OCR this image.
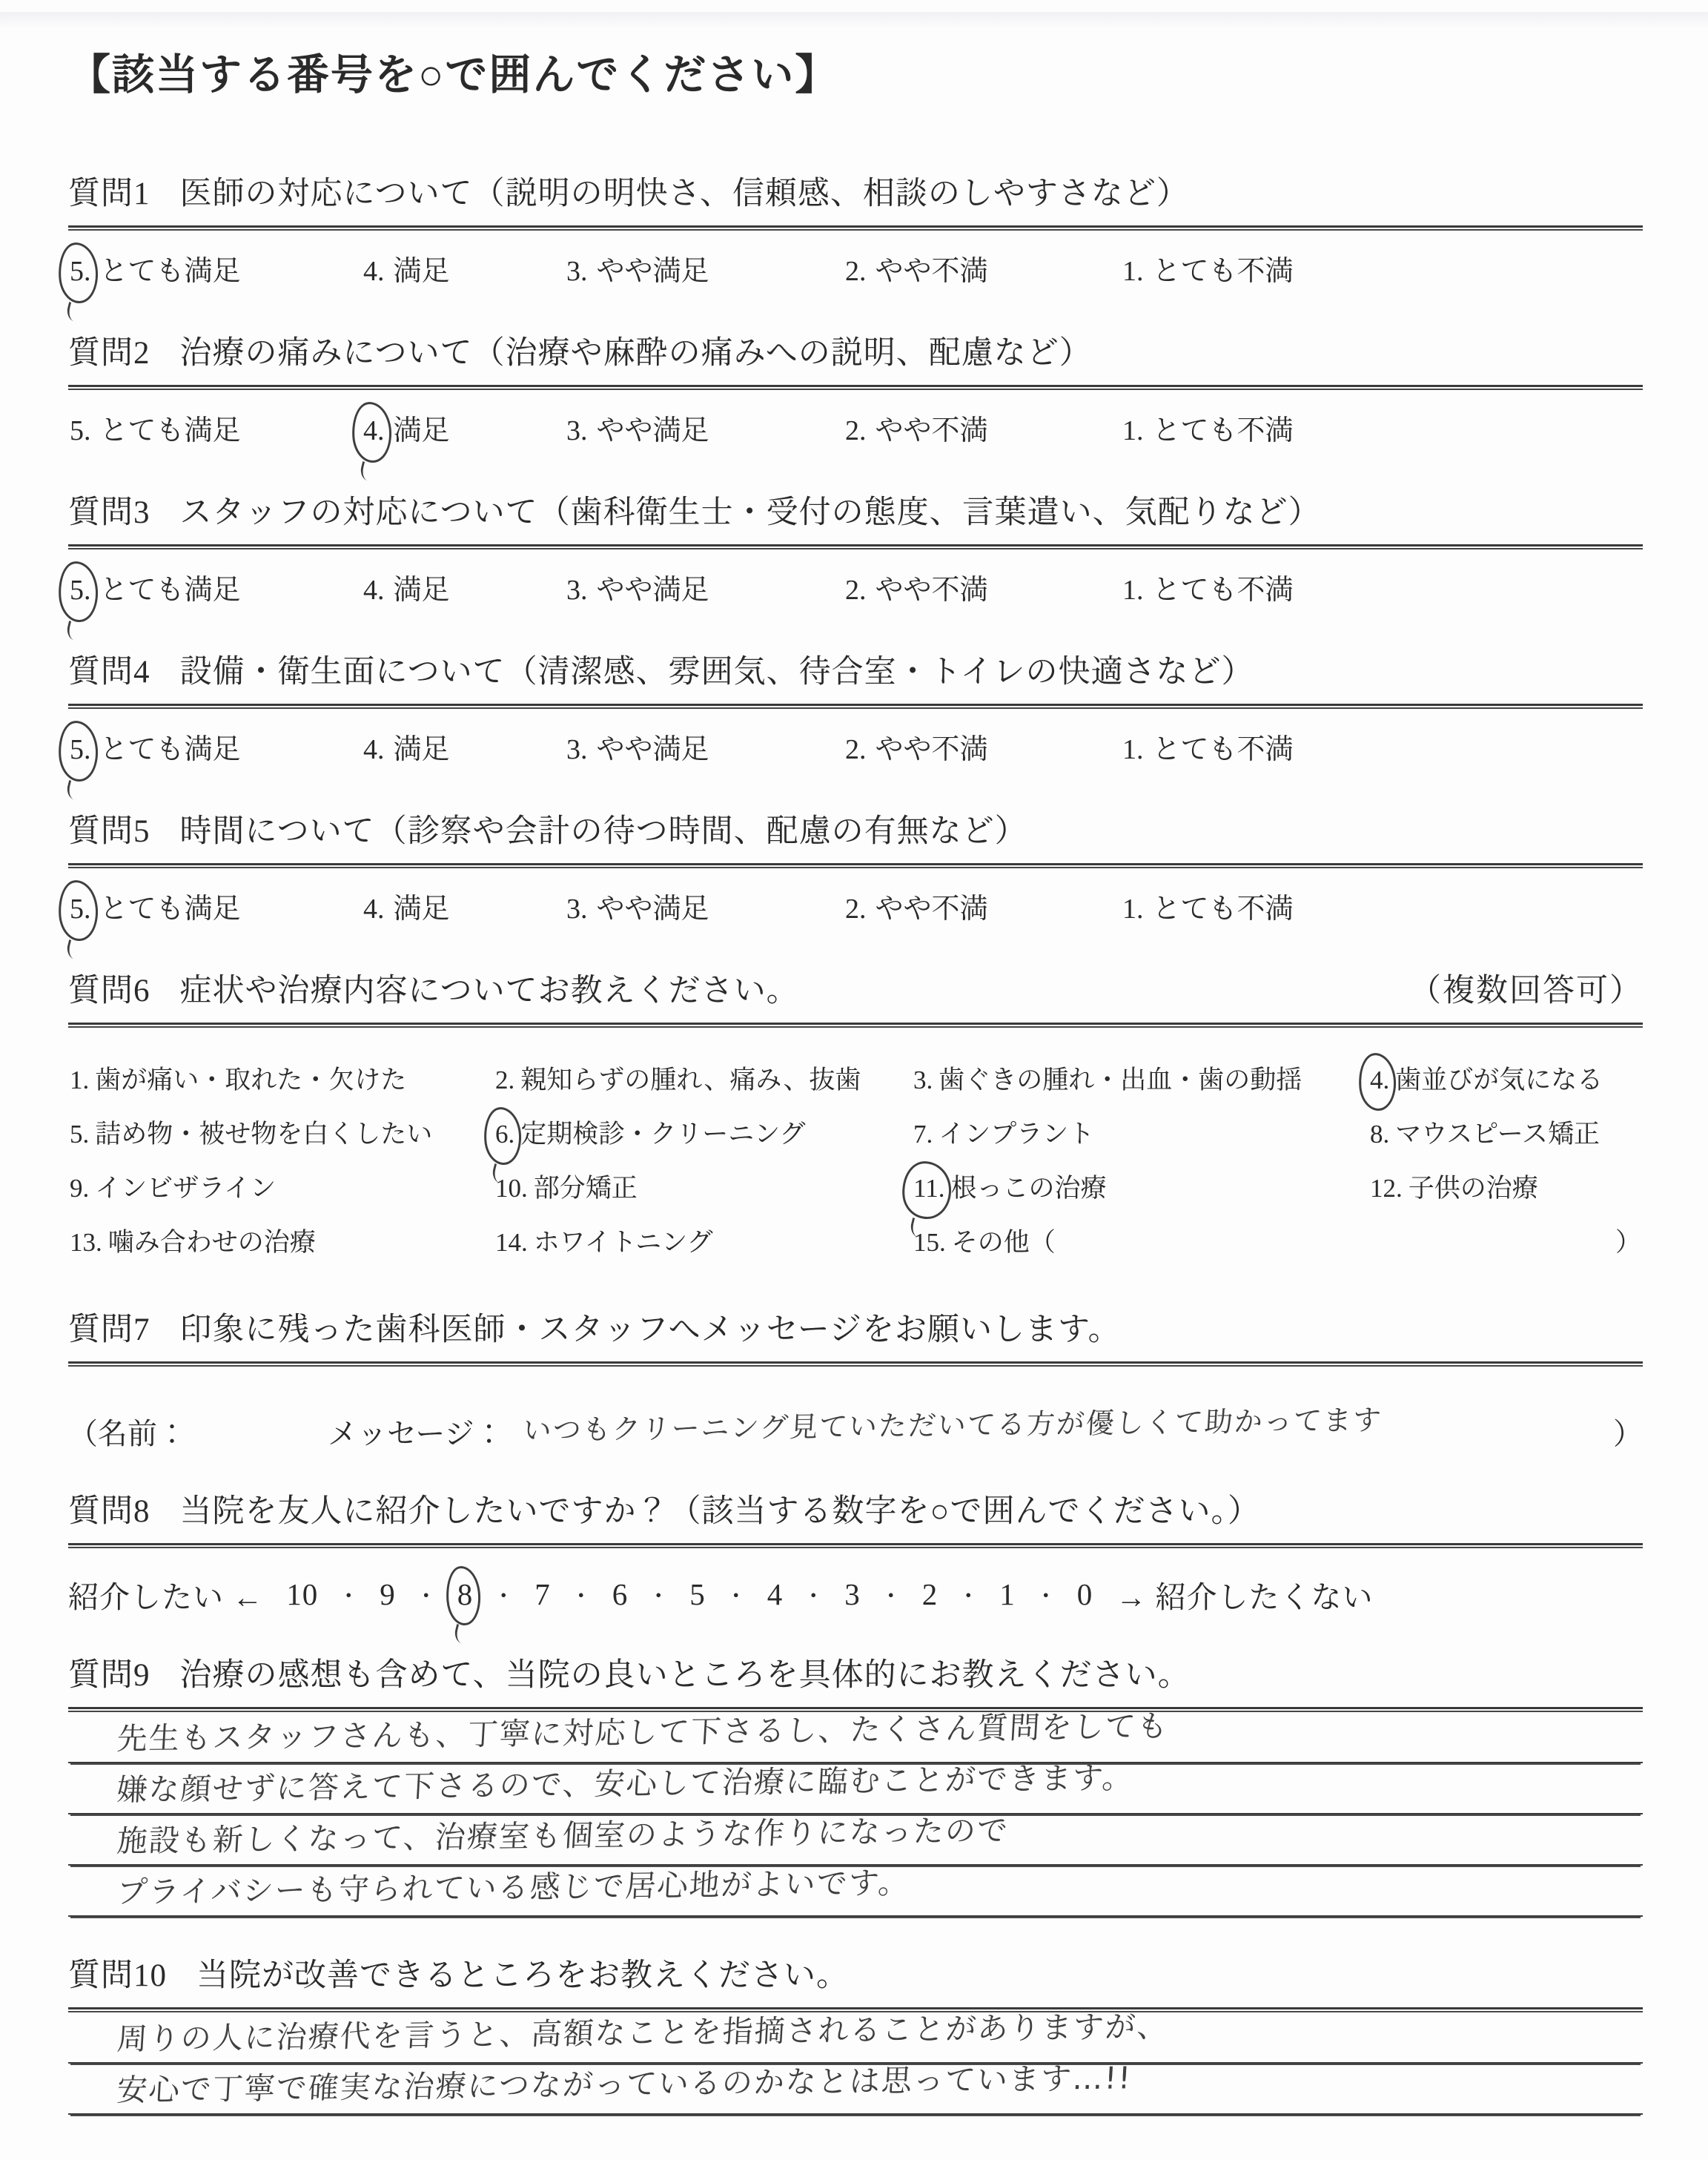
【該当する番号を○で囲んでください】
質問1 医師の対応について（説明の明快さ、信頼感、相談のしやすさなど）
5. とても満足	4. 満足	3. やや満足	2. やや不満	1. とても不満
質問2 治療の痛みについて（治療や麻酔の痛みへの説明、配慮など）
5. とても満足	4. 満足	3. やや満足	2. やや不満	1. とても不満
質問3 スタッフの対応について（歯科衛生士・受付の態度、言葉遣い、気配りなど）
5. とても満足	4. 満足	3. やや満足	2. やや不満	1. とても不満
質問4 設備・衛生面について（清潔感、雰囲気、待合室・トイレの快適さなど）
5. とても満足	4. 満足	3. やや満足	2. やや不満	1. とても不満
質問5 時間について（診察や会計の待つ時間、配慮の有無など）
5. とても満足	4. 満足	3. やや満足	2. やや不満	1. とても不満
質問6 症状や治療内容についてお教えください。	（複数回答可）
1. 歯が痛い・取れた・欠けた	2. 親知らずの腫れ、痛み、抜歯 3. 歯ぐきの腫れ・出血・歯の動揺	4. 歯並びが気になる
5. 詰め物・被せ物を白くしたい 6. 定期検診・クリーニング	7. インプラント	8. マウスピース矯正
9. インビザライン	10. 部分矯正	11. 根っこの治療	12. 子供の治療
13. 噛み合わせの治療	14. ホワイトニング	15. その他（	）
質問7 印象に残った歯科医師・スタッフへメッセージをお願いします。
（名前：	メッセージ： いつもクリーニング見ていただいてる方が優しくて助かってます	）
質問8 当院を友人に紹介したいですか？（該当する数字を○で囲んでください。）
紹介したい ← 10 ・ 9 ・ 8 ・ 7 ・ 6 ・ 5 ・ 4 ・ 3 ・ 2 ・ 1 ・ 0 → 紹介したくない
質問9 治療の感想も含めて、当院の良いところを具体的にお教えください。
先生もスタッフさんも、丁寧に対応して下さるし、たくさん質問をしても
嫌な顔せずに答えて下さるので、安心して治療に臨むことができます。
施設も新しくなって、治療室も個室のような作りになったので
プライバシーも守られている感じで居心地がよいです。
質問10 当院が改善できるところをお教えください。
周りの人に治療代を言うと、高額なことを指摘されることがありますが、
安心で丁寧で確実な治療につながっているのかなとは思っています…!!
